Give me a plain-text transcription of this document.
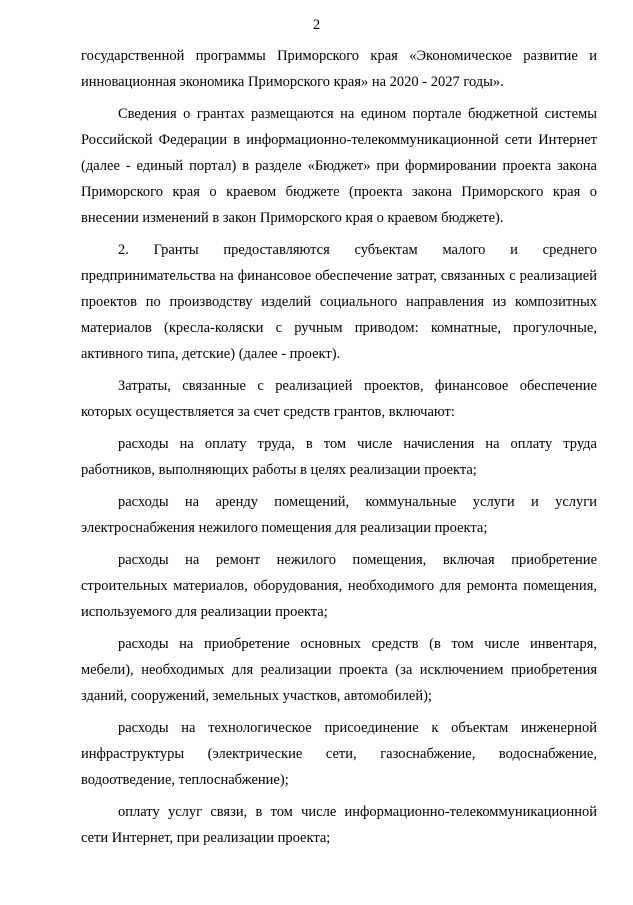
2

государственной программы Приморского края «Экономическое развитие и инновационная экономика Приморского края» на 2020 - 2027 годы».

Сведения о грантах размещаются на едином портале бюджетной системы Российской Федерации в информационно-телекоммуникационной сети Интернет (далее - единый портал) в разделе «Бюджет» при формировании проекта закона Приморского края о краевом бюджете (проекта закона Приморского края о внесении изменений в закон Приморского края о краевом бюджете).

2. Гранты предоставляются субъектам малого и среднего предпринимательства на финансовое обеспечение затрат, связанных с реализацией проектов по производству изделий социального направления из композитных материалов (кресла-коляски с ручным приводом: комнатные, прогулочные, активного типа, детские) (далее - проект).

Затраты, связанные с реализацией проектов, финансовое обеспечение которых осуществляется за счет средств грантов, включают:

расходы на оплату труда, в том числе начисления на оплату труда работников, выполняющих работы в целях реализации проекта;

расходы на аренду помещений, коммунальные услуги и услуги электроснабжения нежилого помещения для реализации проекта;

расходы на ремонт нежилого помещения, включая приобретение строительных материалов, оборудования, необходимого для ремонта помещения, используемого для реализации проекта;

расходы на приобретение основных средств (в том числе инвентаря, мебели), необходимых для реализации проекта (за исключением приобретения зданий, сооружений, земельных участков, автомобилей);

расходы на технологическое присоединение к объектам инженерной инфраструктуры (электрические сети, газоснабжение, водоснабжение, водоотведение, теплоснабжение);

оплату услуг связи, в том числе информационно-телекоммуникационной сети Интернет, при реализации проекта;
